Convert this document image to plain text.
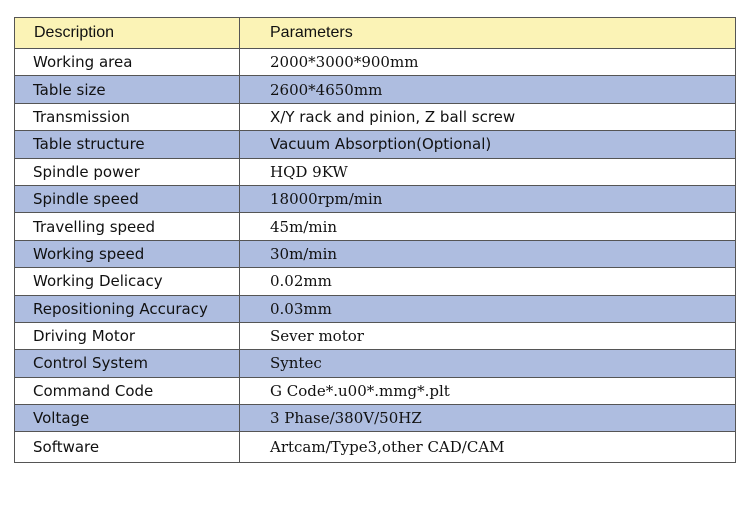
Description	Parameters
Working area	2000*3000*900mm
Table size	2600*4650mm
Transmission	X/Y rack and pinion, Z ball screw
Table structure	Vacuum Absorption(Optional)
Spindle power	HQD 9KW
Spindle speed	18000rpm/min
Travelling speed	45m/min
Working speed	30m/min
Working Delicacy	0.02mm
Repositioning Accuracy	0.03mm
Driving Motor	Sever motor
Control System	Syntec
Command Code	G Code*.u00*.mmg*.plt
Voltage	3 Phase/380V/50HZ
Software	Artcam/Type3,other CAD/CAM
